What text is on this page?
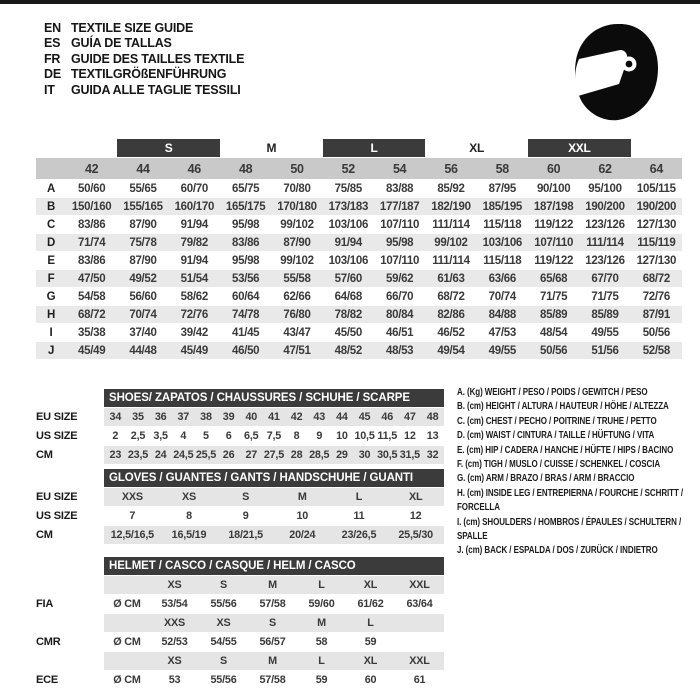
EN TEXTILE SIZE GUIDE
ES GUÍA DE TALLAS
FR GUIDE DES TAILLES TEXTILE
DE TEXTILGRÖßENFÜHRUNG
IT	GUIDA ALLE TAGLIE TESSILI

		S		M		L		XL		XXL		

	42	44	46	48	50	52	54	56	58	60	62	64
A	50/60	55/65	60/70	65/75	70/80	75/85	83/88	85/92	87/95	90/100	95/100	105/115
B	150/160	155/165	160/170	165/175	170/180	173/183	177/187	182/190	185/195	187/198	190/200	190/200
C	83/86	87/90	91/94	95/98	99/102	103/106	107/110	111/114	115/118	119/122	123/126	127/130
D	71/74	75/78	79/82	83/86	87/90	91/94	95/98	99/102	103/106	107/110	111/114	115/119
E	83/86	87/90	91/94	95/98	99/102	103/106	107/110	111/114	115/118	119/122	123/126	127/130
F	47/50	49/52	51/54	53/56	55/58	57/60	59/62	61/63	63/66	65/68	67/70	68/72
G	54/58	56/60	58/62	60/64	62/66	64/68	66/70	68/72	70/74	71/75	71/75	72/76
H	68/72	70/74	72/76	74/78	76/80	78/82	80/84	82/86	84/88	85/89	85/89	87/91
I	35/38	37/40	39/42	41/45	43/47	45/50	46/51	46/52	47/53	48/54	49/55	50/56
J	45/49	44/48	45/49	46/50	47/51	48/52	48/53	49/54	49/55	50/56	51/56	52/58
	SHOES/ ZAPATOS / CHAUSSURES / SCHUHE / SCARPE														
EU SIZE	34	35	36	37	38	39	40	41	42	43	44	45	46	47	48
US SIZE	2	2,5	3,5	4	5	6	6,5	7,5	8	9	10	10,5	11,5	12	13
CM	23	23,5	24	24,5	25,5	26	27	27,5	28	28,5	29	30	30,5	31,5	32
	GLOVES / GUANTES / GANTS / HANDSCHUHE / GUANTI					
EU SIZE	XXS	XS	S	M	L	XL
US SIZE	7	8	9	10	11	12
CM	12,5/16,5	16,5/19	18/21,5	20/24	23/26,5	25,5/30
	HELMET / CASCO / CASQUE / HELM / CASCO						
		XS	S	M	L	XL	XXL
FIA	Ø CM	53/54	55/56	57/58	59/60	61/62	63/64
		XXS	XS	S	M	L	
CMR	Ø CM	52/53	54/55	56/57	58	59	
		XS	S	M	L	XL	XXL
ECE	Ø CM	53	55/56	57/58	59	60	61
A. (Kg) WEIGHT / PESO / POIDS / GEWITCH / PESO
B. (cm) HEIGHT / ALTURA / HAUTEUR / HÖHE / ALTEZZA
C. (cm) CHEST / PECHO / POITRINE / TRUHE / PETTO
D. (cm) WAIST / CINTURA / TAILLE / HÜFTUNG / VITA
E. (cm) HIP / CADERA / HANCHE / HÜFTE / HIPS / BACINO
F. (cm) TIGH / MUSLO / CUISSE / SCHENKEL / COSCIA
G. (cm) ARM / BRAZO / BRAS / ARM / BRACCIO
H. (cm) INSIDE LEG / ENTREPIERNA / FOURCHE / SCHRITT / FORCELLA
I. (cm) SHOULDERS / HOMBROS / ÉPAULES / SCHULTERN / SPALLE
J. (cm) BACK / ESPALDA / DOS / ZURÜCK / INDIETRO
